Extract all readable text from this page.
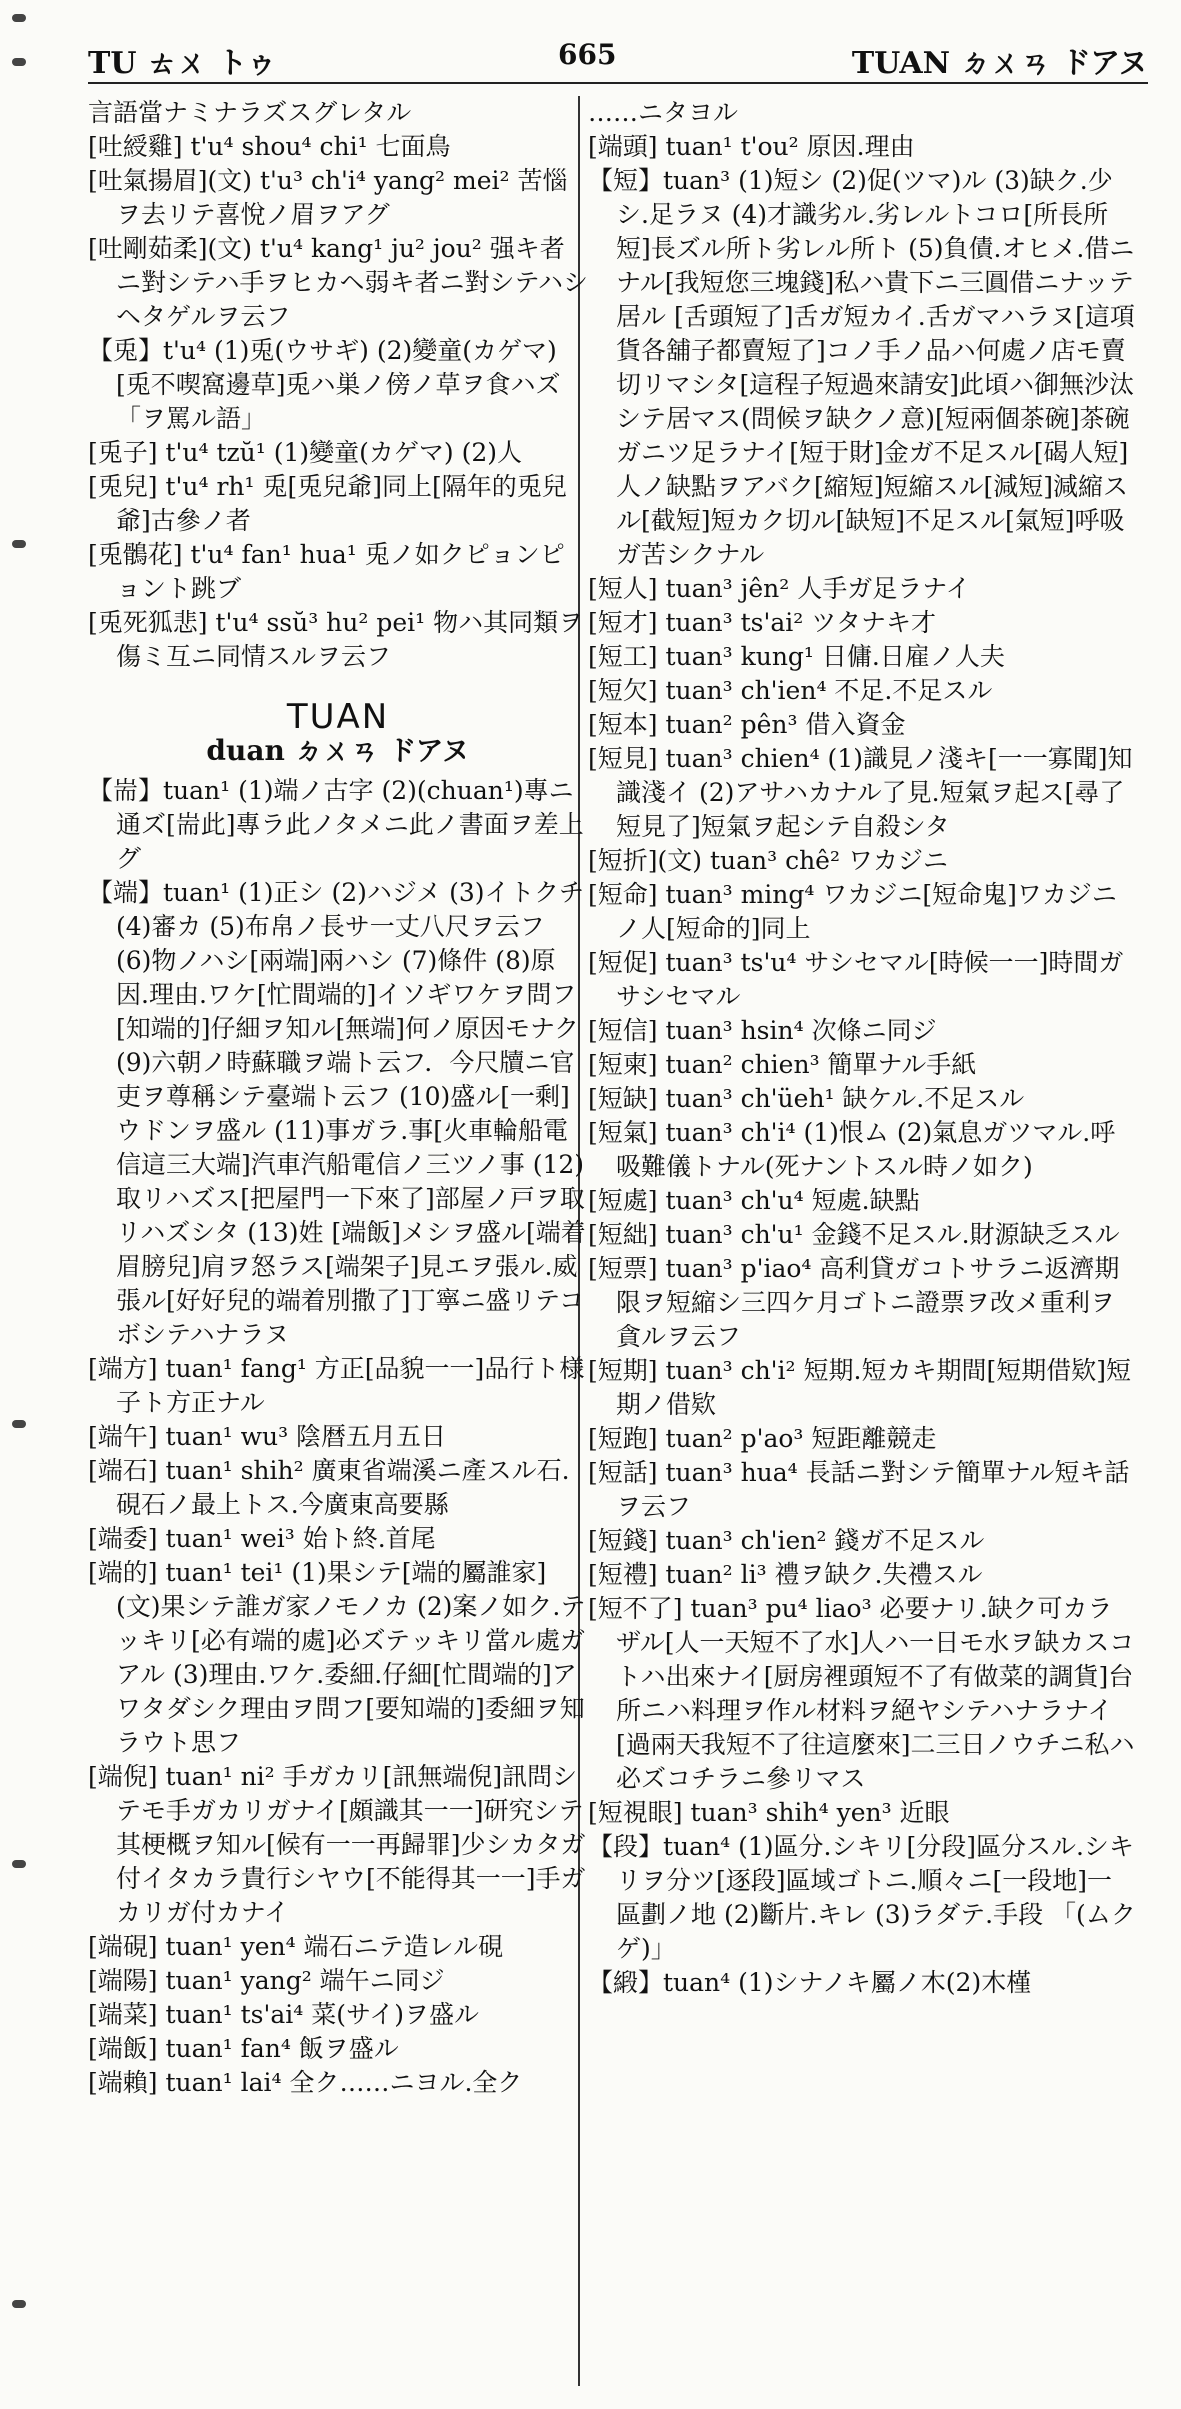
TU ㄊㄨ トゥ	665	TUAN ㄉㄨㄢ ドアヌ

言語當ナミナラズスグレタル

[吐綬雞] t'u⁴ shou⁴ chi¹ 七面鳥

[吐氣揚眉](文) t'u³ ch'i⁴ yang² mei² 苦惱ヲ去リテ喜悅ノ眉ヲアグ

[吐剛茹柔](文) t'u⁴ kang¹ ju² jou² 强キ者ニ對シテハ手ヲヒカヘ弱キ者ニ對シテハシヘタゲルヲ云フ

【兎】t'u⁴ (1)兎(ウサギ) (2)變童(カゲマ) [兎不喫窩邊草]兎ハ巣ノ傍ノ草ヲ食ハズ 「ヲ罵ル語」

[兎子] t'u⁴ tzŭ¹ (1)變童(カゲマ) (2)人

[兎兒] t'u⁴ rh¹ 兎[兎兒爺]同上[隔年的兎兒爺]古參ノ者

[兎鶻花] t'u⁴ fan¹ hua¹ 兎ノ如クピョンピョント跳ブ

[兎死狐悲] t'u⁴ ssŭ³ hu² pei¹ 物ハ其同類ヲ傷ミ互ニ同情スルヲ云フ

TUAN
duan ㄉㄨㄢ ドアヌ

【耑】tuan¹ (1)端ノ古字 (2)(chuan¹)專ニ通ズ[耑此]專ラ此ノタメニ此ノ書面ヲ差上グ

【端】tuan¹ (1)正シ (2)ハジメ (3)イトクチ (4)審カ (5)布帛ノ長サ一丈八尺ヲ云フ (6)物ノハシ[兩端]兩ハシ (7)條件 (8)原因.理由.ワケ[忙間端的]イソギワケヲ問フ[知端的]仔細ヲ知ル[無端]何ノ原因モナク (9)六朝ノ時蘇職ヲ端ト云フ．今尺牘ニ官吏ヲ尊稱シテ臺端ト云フ (10)盛ル[一剩]ウドンヲ盛ル (11)事ガラ.事[火車輪船電信這三大端]汽車汽船電信ノ三ツノ事 (12)取リハズス[把屋門一下來了]部屋ノ戸ヲ取リハズシタ (13)姓 [端飯]メシヲ盛ル[端着眉膀兒]肩ヲ怒ラス[端架子]見エヲ張ル.威張ル[好好兒的端着別撒了]丁寧ニ盛リテコボシテハナラヌ

[端方] tuan¹ fang¹ 方正[品貌一一]品行ト様子ト方正ナル

[端午] tuan¹ wu³ 陰暦五月五日

[端石] tuan¹ shih² 廣東省端溪ニ產スル石.硯石ノ最上トス.今廣東高要縣

[端委] tuan¹ wei³ 始ト終.首尾

[端的] tuan¹ tei¹ (1)果シテ[端的屬誰家](文)果シテ誰ガ家ノモノカ (2)案ノ如ク.テッキリ[必有端的處]必ズテッキリ當ル處ガアル (3)理由.ワケ.委細.仔細[忙間端的]アワタダシク理由ヲ問フ[要知端的]委細ヲ知ラウト思フ

[端倪] tuan¹ ni² 手ガカリ[訊無端倪]訊問シテモ手ガカリガナイ[頗識其一一]研究シテ其梗概ヲ知ル[候有一一再歸罪]少シカタガ付イタカラ貴行シヤウ[不能得其一一]手ガカリガ付カナイ

[端硯] tuan¹ yen⁴ 端石ニテ造レル硯

[端陽] tuan¹ yang² 端午ニ同ジ

[端菜] tuan¹ ts'ai⁴ 菜(サイ)ヲ盛ル

[端飯] tuan¹ fan⁴ 飯ヲ盛ル

[端賴] tuan¹ lai⁴ 全ク……ニヨル.全ク

……ニタヨル

[端頭] tuan¹ t'ou² 原因.理由

【短】tuan³ (1)短シ (2)促(ツマ)ル (3)缺ク.少シ.足ラヌ (4)才識劣ル.劣レルトコロ[所長所短]長ズル所ト劣レル所ト (5)負債.オヒメ.借ニナル[我短您三塊錢]私ハ貴下ニ三圓借ニナッテ居ル [舌頭短了]舌ガ短カイ.舌ガマハラヌ[這項貨各舖子都賣短了]コノ手ノ品ハ何處ノ店モ賣切リマシタ[這程子短過來請安]此頃ハ御無沙汰シテ居マス(問候ヲ缺クノ意)[短兩個茶碗]茶碗ガニツ足ラナイ[短于財]金ガ不足スル[碣人短]人ノ缺點ヲアバク[縮短]短縮スル[減短]減縮スル[截短]短カク切ル[缺短]不足スル[氣短]呼吸ガ苦シクナル

[短人] tuan³ jên² 人手ガ足ラナイ

[短才] tuan³ ts'ai² ツタナキ才

[短工] tuan³ kung¹ 日傭.日雇ノ人夫

[短欠] tuan³ ch'ien⁴ 不足.不足スル

[短本] tuan² pên³ 借入資金

[短見] tuan³ chien⁴ (1)識見ノ淺キ[一一寡聞]知識淺イ (2)アサハカナル了見.短氣ヲ起ス[尋了短見了]短氣ヲ起シテ自殺シタ

[短折](文) tuan³ chê² ワカジニ

[短命] tuan³ ming⁴ ワカジニ[短命鬼]ワカジニノ人[短命的]同上

[短促] tuan³ ts'u⁴ サシセマル[時候一一]時間ガサシセマル

[短信] tuan³ hsin⁴ 次條ニ同ジ

[短柬] tuan² chien³ 簡單ナル手紙

[短缺] tuan³ ch'üeh¹ 缺ケル.不足スル

[短氣] tuan³ ch'i⁴ (1)恨ム (2)氣息ガツマル.呼吸難儀トナル(死ナントスル時ノ如ク)

[短處] tuan³ ch'u⁴ 短處.缺點

[短絀] tuan³ ch'u¹ 金錢不足スル.財源缺乏スル

[短票] tuan³ p'iao⁴ 高利貸ガコトサラニ返濟期限ヲ短縮シ三四ケ月ゴトニ證票ヲ改メ重利ヲ貪ルヲ云フ

[短期] tuan³ ch'i² 短期.短カキ期間[短期借欵]短期ノ借欵

[短跑] tuan² p'ao³ 短距離競走

[短話] tuan³ hua⁴ 長話ニ對シテ簡單ナル短キ話ヲ云フ

[短錢] tuan³ ch'ien² 錢ガ不足スル

[短禮] tuan² li³ 禮ヲ缺ク.失禮スル

[短不了] tuan³ pu⁴ liao³ 必要ナリ.缺ク可カラザル[人一天短不了水]人ハ一日モ水ヲ缺カスコトハ出來ナイ[厨房裡頭短不了有做菜的調貨]台所ニハ料理ヲ作ル材料ヲ絕ヤシテハナラナイ[過兩天我短不了往這麼來]二三日ノウチニ私ハ必ズコチラニ參リマス

[短視眼] tuan³ shih⁴ yen³ 近眼

【段】tuan⁴ (1)區分.シキリ[分段]區分スル.シキリヲ分ツ[逐段]區域ゴトニ.順々ニ[一段地]一區劃ノ地 (2)斷片.キレ (3)ラダテ.手段 「(ムクゲ)」

【緞】tuan⁴ (1)シナノキ屬ノ木(2)木槿
